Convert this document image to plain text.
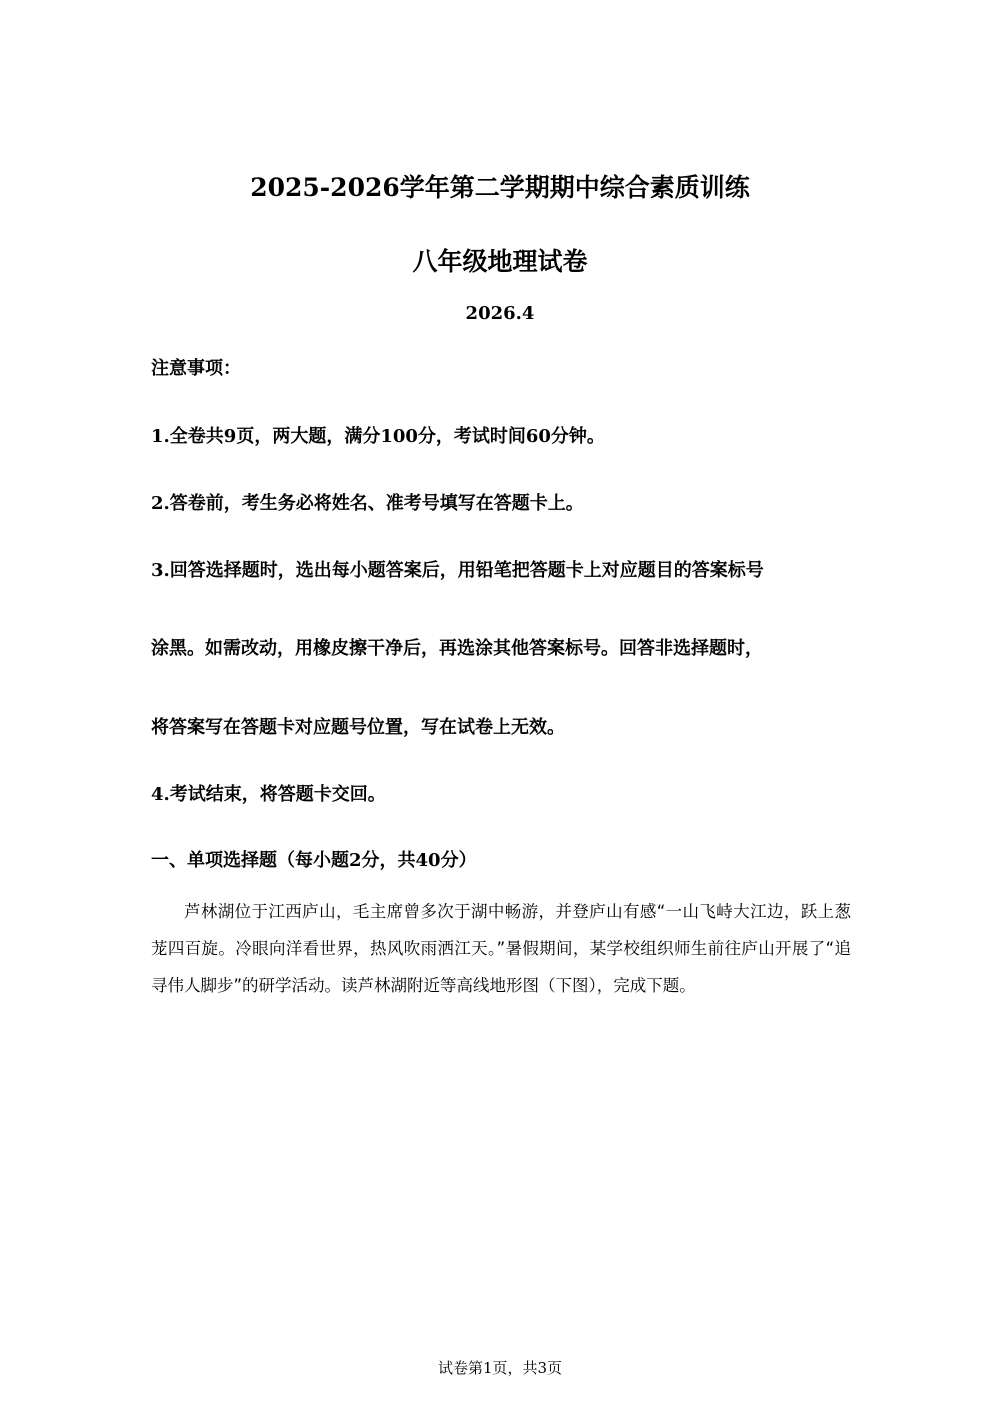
2025-2026学年第二学期期中综合素质训练
八年级地理试卷
2026.4
注意事项：
1.全卷共9页，两大题，满分100分，考试时间60分钟。
2.答卷前，考生务必将姓名、准考号填写在答题卡上。
3.回答选择题时，选出每小题答案后，用铅笔把答题卡上对应题目的答案标号
涂黑。如需改动，用橡皮擦干净后，再选涂其他答案标号。回答非选择题时，
将答案写在答题卡对应题号位置，写在试卷上无效。
4.考试结束，将答题卡交回。
一、单项选择题（每小题2分，共40分）
芦林湖位于江西庐山，毛主席曾多次于湖中畅游，并登庐山有感“一山飞峙大江边，跃上葱茏四百旋。冷眼向洋看世界，热风吹雨洒江天。”暑假期间，某学校组织师生前往庐山开展了“追寻伟人脚步”的研学活动。读芦林湖附近等高线地形图（下图），完成下题。
试卷第1页，共3页
